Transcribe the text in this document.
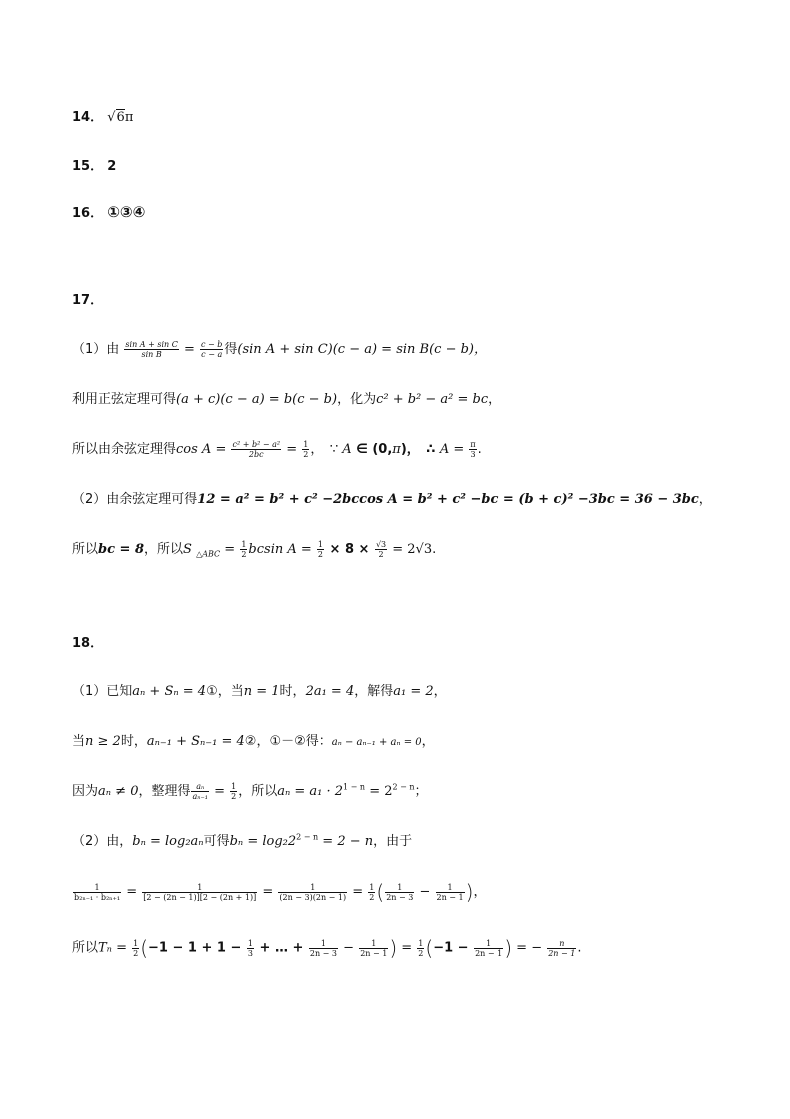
14． √6π
15． 2
16． ①③④
17．
（1）由 $\frac{\text{sin A + sin C}}{\text{sin B}} = \frac{c - b}{c - a}$ 得(sin A + sin C)(c − a) = sin B(c − b)，
利用正弦定理可得(a + c)(c − a) = b(c − b)，化为c² + b² − a² = bc，
所以由余弦定理得$\cos A = \frac{\text{c² + b² − a²}}{2bc} = \frac{1}{2}$ ，　∵ A ∈ (0,π)，　∴ $A = \frac{\pi}{3}$ .
（2）由余弦定理可得12 = a² = b² + c² −2bccos A = b² + c² −bc = (b + c)² −3bc = 36 − 3bc，
所以bc = 8，所以S $_{\triangle ABC} = \frac{1}{2}$ bcsin $A = \frac{1}{2} \times 8 \times \frac{√3}{2} = 2√3$.
18．
（1）已知aₙ + Sₙ = 4①，当n = 1时，2a₁ = 4，解得a₁ = 2，
当n ≥ 2时，aₙ₋₁ + Sₙ₋₁ = 4②，①－②得：aₙ − aₙ₋₁ + aₙ = 0，
因为aₙ ≠ 0，整理得 $\frac{\text{aₙ}}{\text{aₙ₋₁}} = \frac{1}{2}$ ，所以$a_n = a_1 \cdot 2^{1 - n} = 2^{2 - n}$；
（2）由，bₙ = log₂aₙ可得$b_n = \log_22^{2 - n} = 2 - n$，由于
$\frac{1}{\text{b₂ₙ₋₁ · b₂ₙ₊₁}} = \frac{1}{[2 - (2n - 1)][2 - (2n + 1)]} = \frac{1}{(2n - 3)(2n - 1)} = \frac{1}{2}$ ( $\frac{1}{2n - 3} - \frac{1}{2n - 1}$ )，
所以$T_n = \frac{1}{2} (-1 - 1 + 1 - \frac{1}{3}$ + … + $\frac{1}{2n - 3} - \frac{1}{2n - 1}$ ) = $\frac{1}{2} (-1 - \frac{1}{2n - 1}$ ) = − $\frac{n}{2n - 1}$ .
